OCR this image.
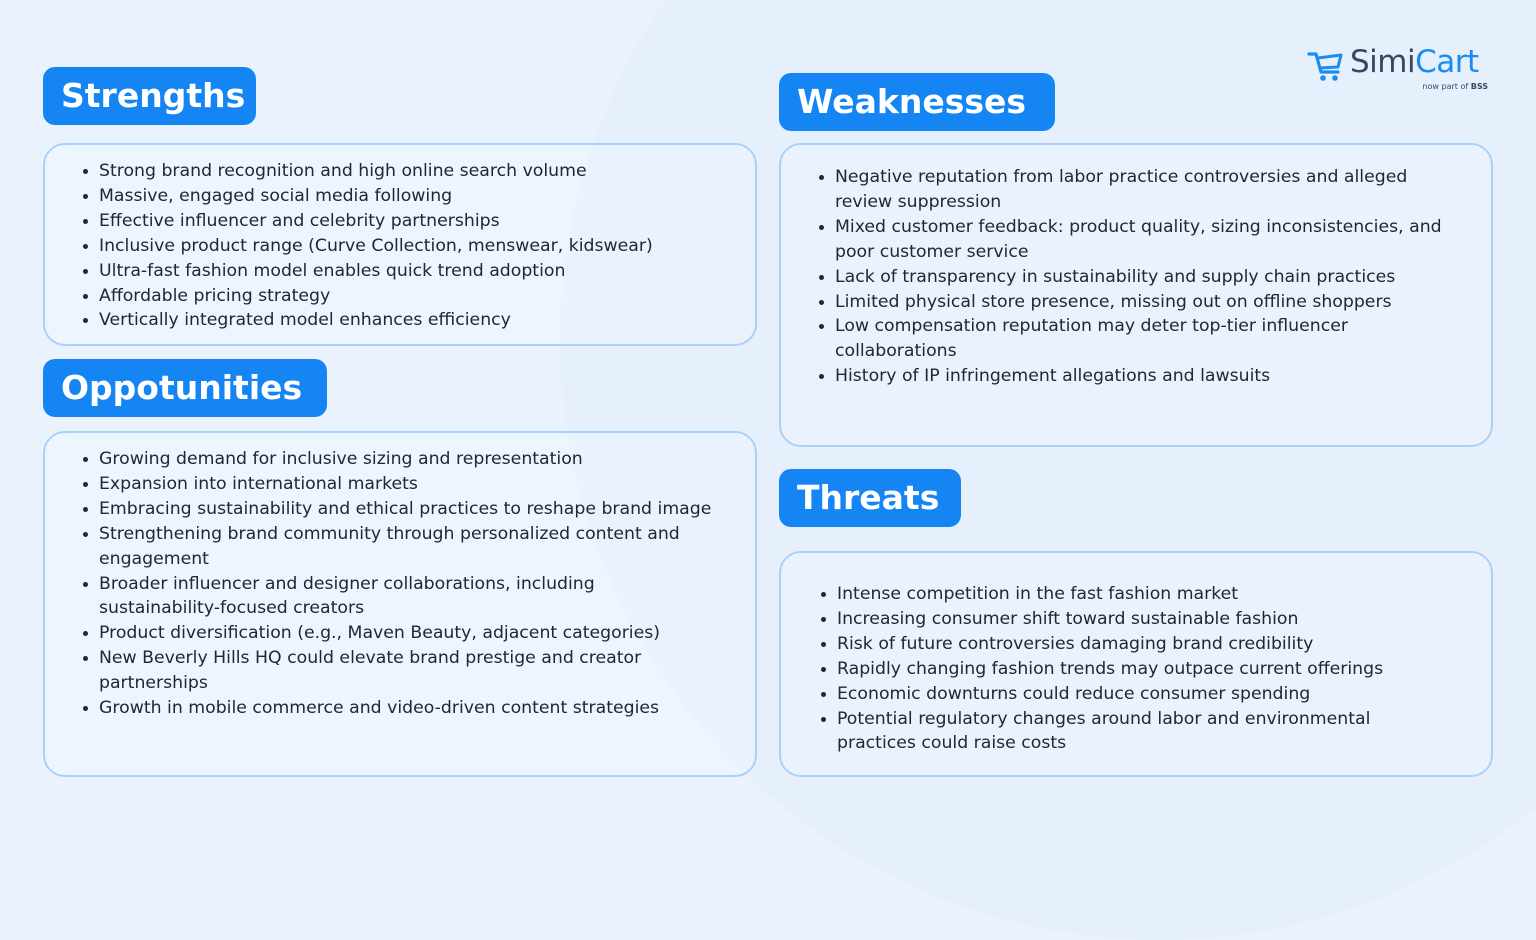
SimiCart
now part of BSS
Strengths
Strong brand recognition and high online search volume
Massive, engaged social media following
Effective influencer and celebrity partnerships
Inclusive product range (Curve Collection, menswear, kidswear)
Ultra-fast fashion model enables quick trend adoption
Affordable pricing strategy
Vertically integrated model enhances efficiency
Weaknesses
Negative reputation from labor practice controversies and alleged review suppression
Mixed customer feedback: product quality, sizing inconsistencies, and poor customer service
Lack of transparency in sustainability and supply chain practices
Limited physical store presence, missing out on offline shoppers
Low compensation reputation may deter top-tier influencer collaborations
History of IP infringement allegations and lawsuits
Oppotunities
Growing demand for inclusive sizing and representation
Expansion into international markets
Embracing sustainability and ethical practices to reshape brand image
Strengthening brand community through personalized content and engagement
Broader influencer and designer collaborations, including sustainability-focused creators
Product diversification (e.g., Maven Beauty, adjacent categories)
New Beverly Hills HQ could elevate brand prestige and creator partnerships
Growth in mobile commerce and video-driven content strategies
Threats
Intense competition in the fast fashion market
Increasing consumer shift toward sustainable fashion
Risk of future controversies damaging brand credibility
Rapidly changing fashion trends may outpace current offerings
Economic downturns could reduce consumer spending
Potential regulatory changes around labor and environmental practices could raise costs
